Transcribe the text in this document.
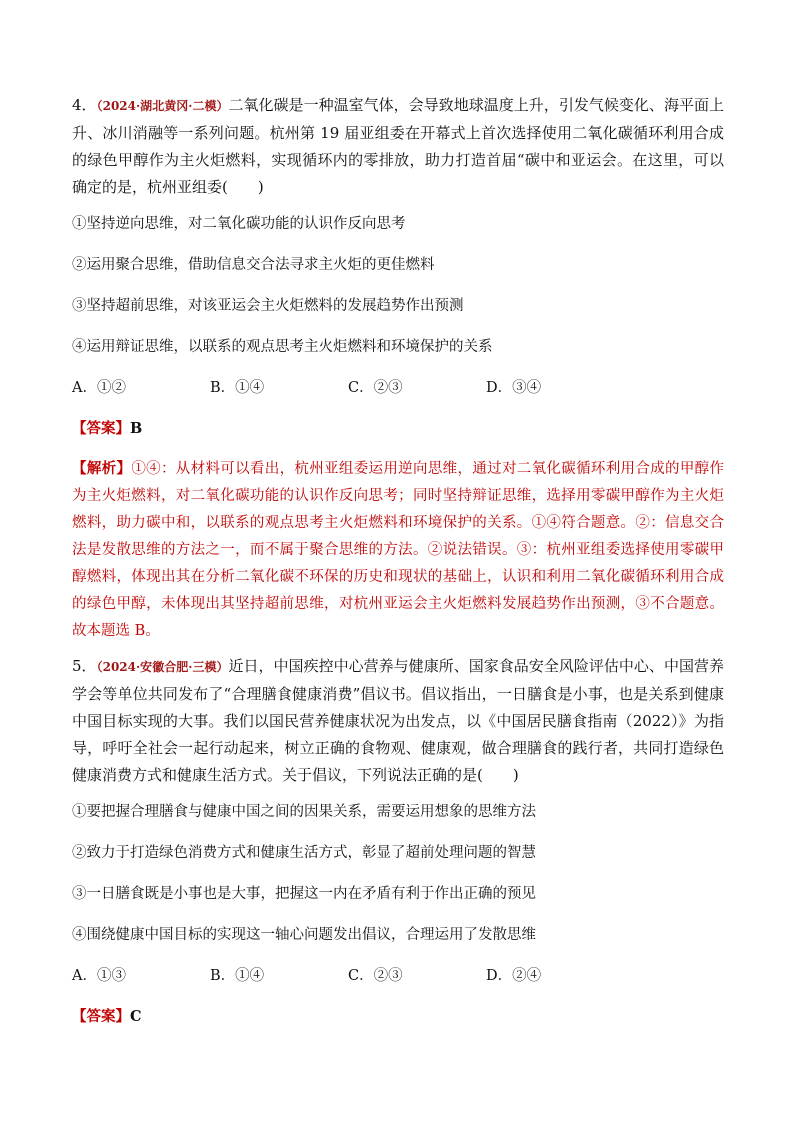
4．（2024·湖北黄冈·二模）二氧化碳是一种温室气体，会导致地球温度上升，引发气候变化、海平面上升、冰川消融等一系列问题。杭州第 19 届亚组委在开幕式上首次选择使用二氧化碳循环利用合成的绿色甲醇作为主火炬燃料，实现循环内的零排放，助力打造首届“碳中和亚运会。在这里，可以确定的是，杭州亚组委(　　)

①坚持逆向思维，对二氧化碳功能的认识作反向思考

②运用聚合思维，借助信息交合法寻求主火炬的更佳燃料

③坚持超前思维，对该亚运会主火炬燃料的发展趋势作出预测

④运用辩证思维，以联系的观点思考主火炬燃料和环境保护的关系

A．①②	B．①④	C．②③	D．③④

【答案】B

【解析】①④：从材料可以看出，杭州亚组委运用逆向思维，通过对二氧化碳循环利用合成的甲醇作为主火炬燃料，对二氧化碳功能的认识作反向思考；同时坚持辩证思维，选择用零碳甲醇作为主火炬燃料，助力碳中和，以联系的观点思考主火炬燃料和环境保护的关系。①④符合题意。②：信息交合法是发散思维的方法之一，而不属于聚合思维的方法。②说法错误。③：杭州亚组委选择使用零碳甲醇燃料，体现出其在分析二氧化碳不环保的历史和现状的基础上，认识和利用二氧化碳循环利用合成的绿色甲醇，未体现出其坚持超前思维，对杭州亚运会主火炬燃料发展趋势作出预测，③不合题意。故本题选 B。

5．（2024·安徽合肥·三模）近日，中国疾控中心营养与健康所、国家食品安全风险评估中心、中国营养学会等单位共同发布了“合理膳食健康消费”倡议书。倡议指出，一日膳食是小事，也是关系到健康中国目标实现的大事。我们以国民营养健康状况为出发点，以《中国居民膳食指南（2022）》为指导，呼吁全社会一起行动起来，树立正确的食物观、健康观，做合理膳食的践行者，共同打造绿色健康消费方式和健康生活方式。关于倡议，下列说法正确的是(　　)

①要把握合理膳食与健康中国之间的因果关系，需要运用想象的思维方法

②致力于打造绿色消费方式和健康生活方式，彰显了超前处理问题的智慧

③一日膳食既是小事也是大事，把握这一内在矛盾有利于作出正确的预见

④围绕健康中国目标的实现这一轴心问题发出倡议，合理运用了发散思维

A．①③	B．①④	C．②③	D．②④

【答案】C
